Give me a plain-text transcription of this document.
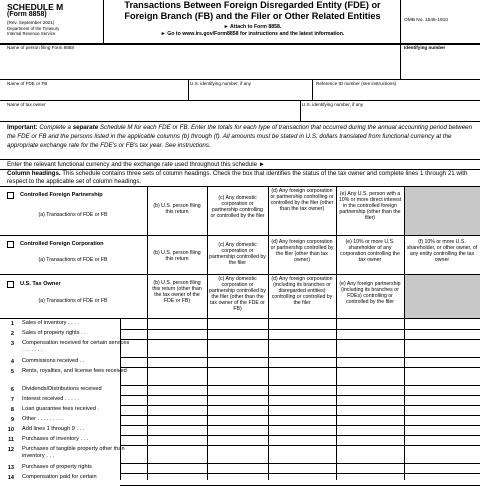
SCHEDULE M
(Form 8858)
(Rev. September 2021)
Department of the Treasury
Internal Revenue Service
Transactions Between Foreign Disregarded Entity (FDE) or
Foreign Branch (FB) and the Filer or Other Related Entities
► Attach to Form 8858.
► Go to www.irs.gov/Form8858 for instructions and the latest information.
OMB No. 1545-1910
Name of person filing Form 8858	Identifying number
Name of FDE or FB	U.S. identifying number, if any	Reference ID number (see instructions)
Name of tax owner	U.S. identifying number, if any
Important: Complete a separate Schedule M for each FDE or FB. Enter the totals for each type of transaction that occurred during the annual accounting period between the FDE or FB and the persons listed in the applicable columns (b) through (f). All amounts must be stated in U.S. dollars translated from functional currency at the appropriate exchange rate for the FDE's or FB's tax year. See instructions.
Enter the relevant functional currency and the exchange rate used throughout this schedule ►
Column headings. This schedule contains three sets of column headings. Check the box that identifies the status of the tax owner and complete lines 1 through 21 with respect to the applicable set of column headings.
Controlled Foreign Partnership
(a) Transactions of FDE or FB
(b) U.S. person filing this return
(c) Any domestic corporation or partnership controlling or controlled by the filer
(d) Any foreign corporation or partnership controlling or controlled by the filer (other than the tax owner)
(e) Any U.S. person with a 10% or more direct interest in the controlled foreign partnership (other than the filer)
Controlled Foreign Corporation
(a) Transactions of FDE or FB
(b) U.S. person filing this return
(c) Any domestic corporation or partnership controlled by the filer
(d) Any foreign corporation or partnership controlled by the filer (other than tax owner)
(e) 10% or more U.S. shareholder of any corporation controlling the tax owner
(f) 10% or more U.S. shareholder, or other owner, of any entity controlling the tax owner
U.S. Tax Owner
(a) Transactions of FDE or FB
(b) U.S. person filing this return (other than the tax owner of the FDE or FB)
(c) Any domestic corporation or partnership controlled by the filer (other than the tax owner of the FDE or FB)
(d) Any foreign corporation (including its branches or disregarded entities) controlling or controlled by the filer
(e) Any foreign partnership (including its branches or FDEs) controlling or controlled by the filer
1 Sales of inventory . . . .
2 Sales of property rights . .
3 Compensation received for certain services . . . . . . .
4 Commissions received . .
5 Rents, royalties, and license fees received
6 Dividends/Distributions received
7 Interest received . . . . .
8 Loan guarantee fees received .
9 Other . . . . . . . . .
10 Add lines 1 through 9 . . .
11 Purchases of inventory . . .
12 Purchases of tangible property other than inventory . . .
13 Purchases of property rights
14 Compensation paid for certain
